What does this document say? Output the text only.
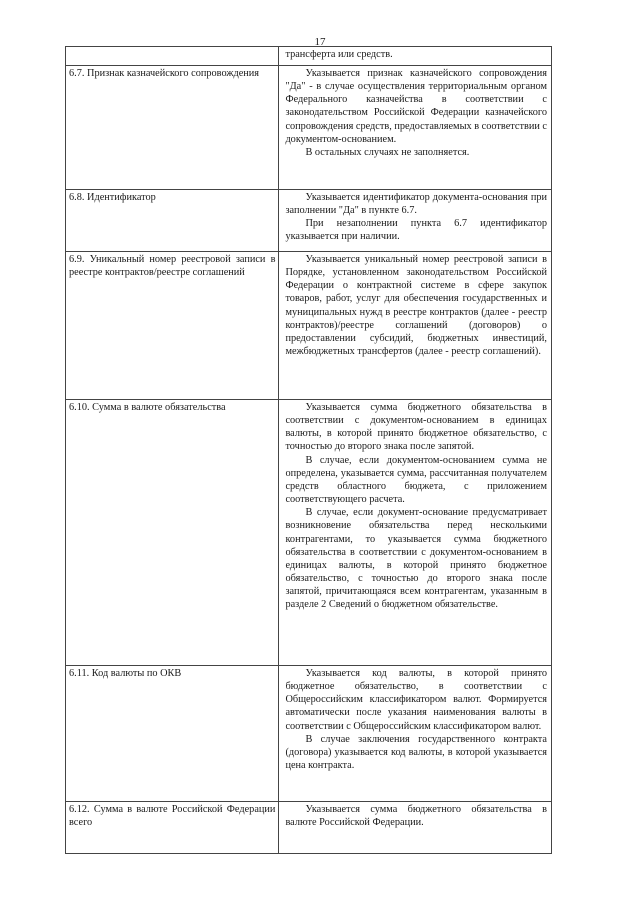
17

	трансферта или средств.

6.7. Признак казначейского сопровождения	Указывается признак казначейского сопровождения "Да" - в случае осуществления территориальным органом Федерального казначейства в соответствии с законодательством Российской Федерации казначейского сопровождения средств, предоставляемых в соответствии с документом-основанием.
В остальных случаях не заполняется.

6.8. Идентификатор	Указывается идентификатор документа-основания при заполнении "Да" в пункте 6.7.
При незаполнении пункта 6.7 идентификатор указывается при наличии.

6.9. Уникальный номер реестровой записи в реестре контрактов/реестре соглашений	Указывается уникальный номер реестровой записи в Порядке, установленном законодательством Российской Федерации о контрактной системе в сфере закупок товаров, работ, услуг для обеспечения государственных и муниципальных нужд в реестре контрактов (далее - реестр контрактов)/реестре соглашений (договоров) о предоставлении субсидий, бюджетных инвестиций, межбюджетных трансфертов (далее - реестр соглашений).

6.10. Сумма в валюте обязательства	Указывается сумма бюджетного обязательства в соответствии с документом-основанием в единицах валюты, в которой принято бюджетное обязательство, с точностью до второго знака после запятой.
В случае, если документом-основанием сумма не определена, указывается сумма, рассчитанная получателем средств областного бюджета, с приложением соответствующего расчета.
В случае, если документ-основание предусматривает возникновение обязательства перед несколькими контрагентами, то указывается сумма бюджетного обязательства в соответствии с документом-основанием в единицах валюты, в которой принято бюджетное обязательство, с точностью до второго знака после запятой, причитающаяся всем контрагентам, указанным в разделе 2 Сведений о бюджетном обязательстве.

6.11. Код валюты по ОКВ	Указывается код валюты, в которой принято бюджетное обязательство, в соответствии с Общероссийским классификатором валют. Формируется автоматически после указания наименования валюты в соответствии с Общероссийским классификатором валют.
В случае заключения государственного контракта (договора) указывается код валюты, в которой указывается цена контракта.

6.12. Сумма в валюте Российской Федерации всего	Указывается сумма бюджетного обязательства в валюте Российской Федерации.
